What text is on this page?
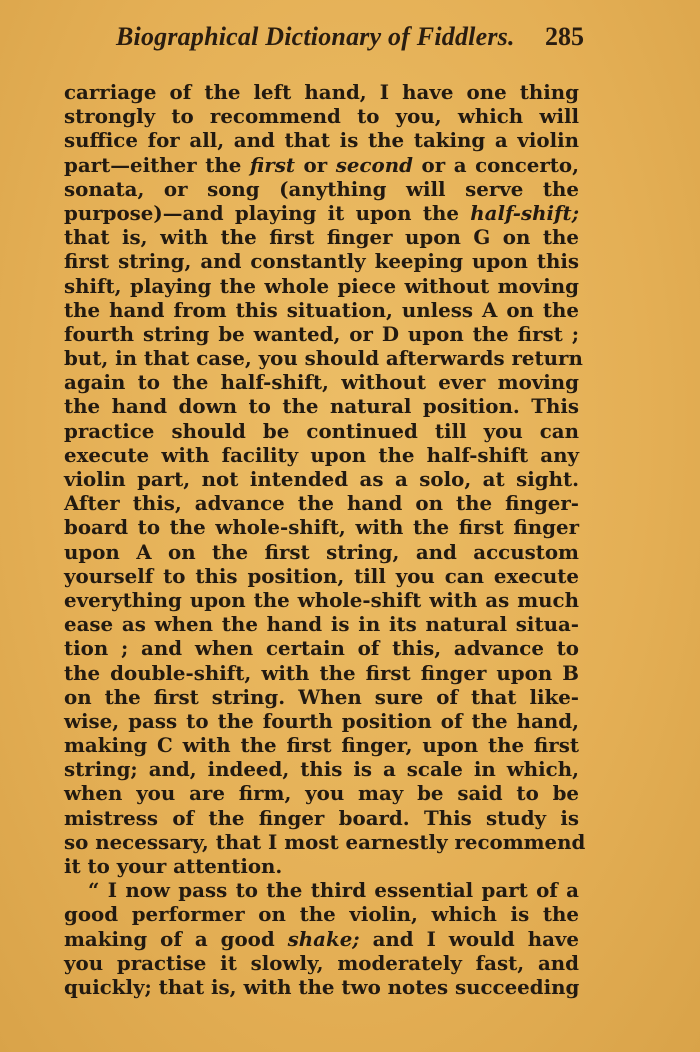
Biographical Dictionary of Fiddlers. 285
carriage of the left hand, I have one thing
strongly to recommend to you, which will
suffice for all, and that is the taking a violin
part—either the first or second or a concerto,
sonata, or song (anything will serve the
purpose)—and playing it upon the half-shift;
that is, with the first finger upon G on the
first string, and constantly keeping upon this
shift, playing the whole piece without moving
the hand from this situation, unless A on the
fourth string be wanted, or D upon the first ;
but, in that case, you should afterwards return
again to the half-shift, without ever moving
the hand down to the natural position. This
practice should be continued till you can
execute with facility upon the half-shift any
violin part, not intended as a solo, at sight.
After this, advance the hand on the finger-
board to the whole-shift, with the first finger
upon A on the first string, and accustom
yourself to this position, till you can execute
everything upon the whole-shift with as much
ease as when the hand is in its natural situa-
tion ; and when certain of this, advance to
the double-shift, with the first finger upon B
on the first string. When sure of that like-
wise, pass to the fourth position of the hand,
making C with the first finger, upon the first
string; and, indeed, this is a scale in which,
when you are firm, you may be said to be
mistress of the finger board. This study is
so necessary, that I most earnestly recommend
it to your attention.
“ I now pass to the third essential part of a
good performer on the violin, which is the
making of a good shake; and I would have
you practise it slowly, moderately fast, and
quickly; that is, with the two notes succeeding
